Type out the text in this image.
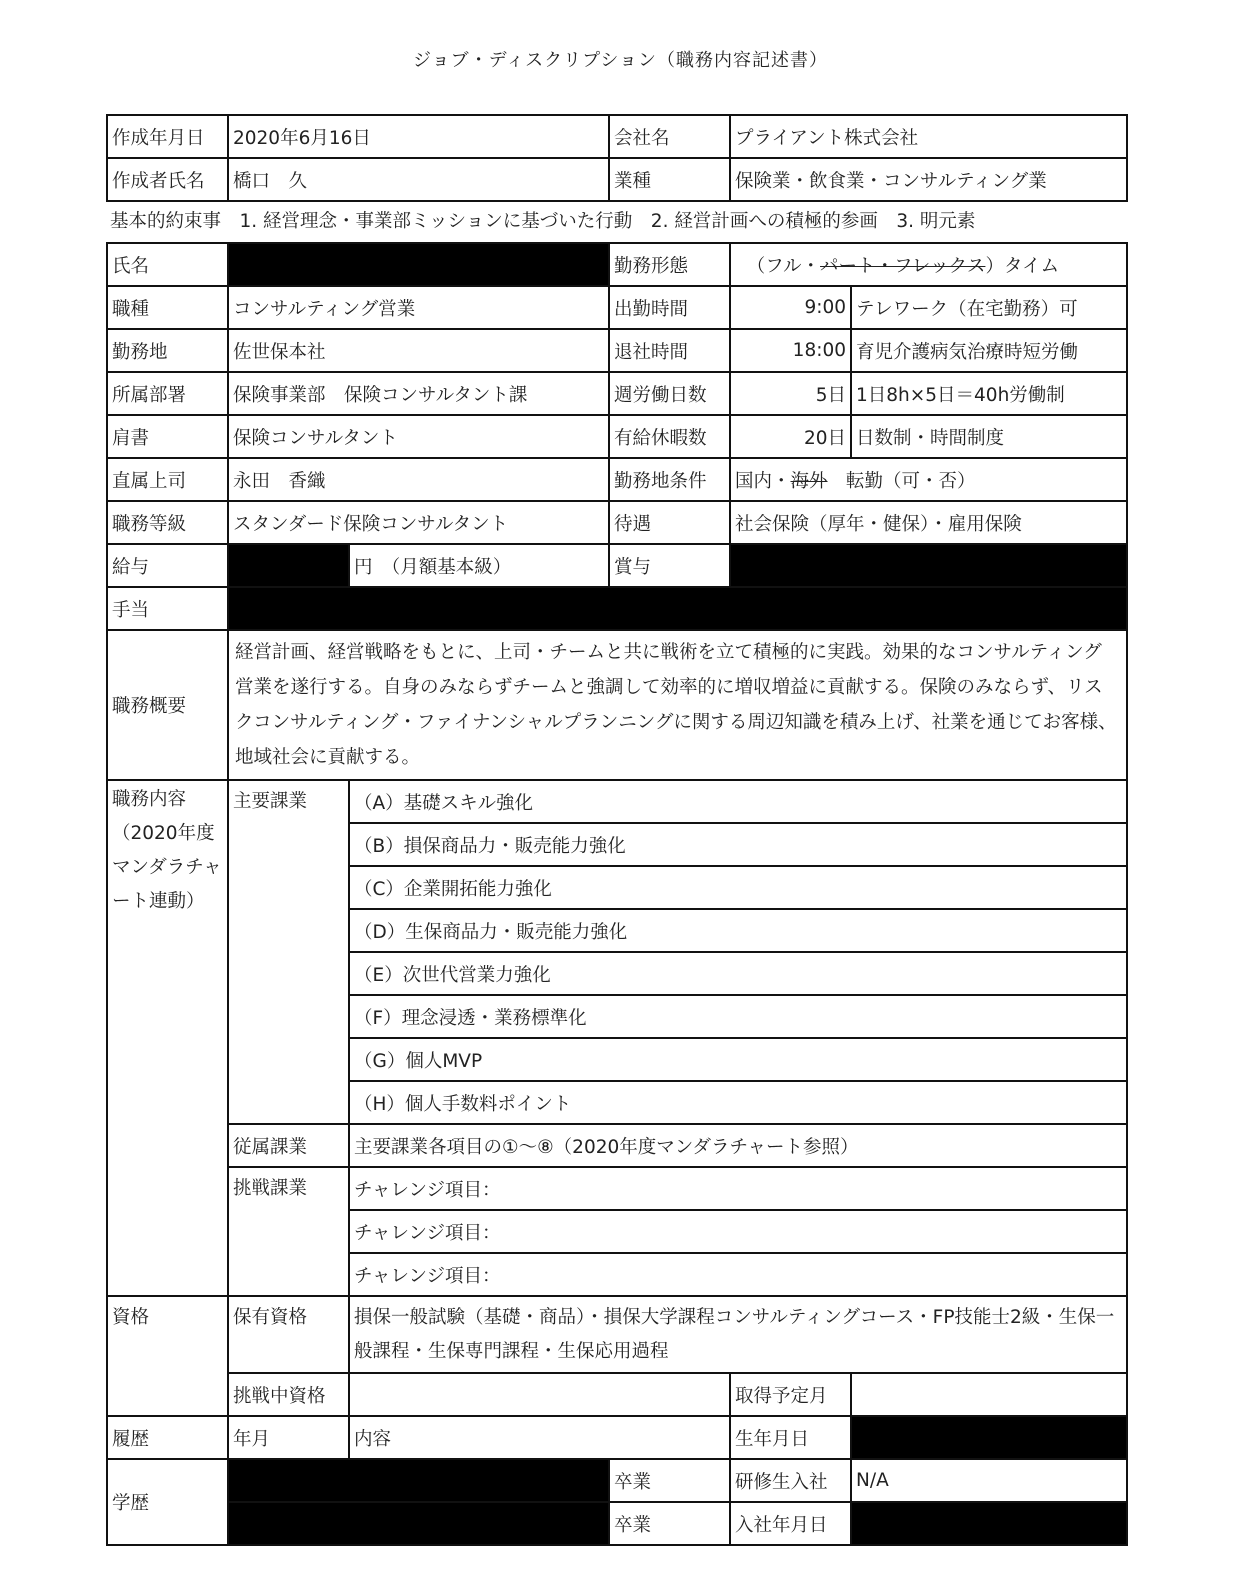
ジョブ・ディスクリプション（職務内容記述書）
作成年月日	2020年6月16日	会社名	プライアント株式会社
作成者氏名	橋口　久	業種	保険業・飲食業・コンサルティング業
基本的約束事　1. 経営理念・事業部ミッションに基づいた行動　2. 経営計画への積極的参画　3. 明元素
氏名			勤務形態	（フル・パート・フレックス）タイム	
職種	コンサルティング営業		出勤時間	9:00	テレワーク（在宅勤務）可
勤務地	佐世保本社		退社時間	18:00	育児介護病気治療時短労働
所属部署	保険事業部　保険コンサルタント課		週労働日数	5日	1日8h×5日＝40h労働制
肩書	保険コンサルタント		有給休暇数	20日	日数制・時間制度
直属上司	永田　香織		勤務地条件	国内・海外　転勤（可・否）	
職務等級	スタンダード保険コンサルタント		待遇	社会保険（厚年・健保）・雇用保険	
給与		円　（月額基本級）	賞与		
手当					
職務概要	経営計画、経営戦略をもとに、上司・チームと共に戦術を立て積極的に実践。効果的なコンサルティング営業を遂行する。自身のみならずチームと強調して効率的に増収増益に貢献する。保険のみならず、リスクコンサルティング・ファイナンシャルプランニングに関する周辺知識を積み上げ、社業を通じてお客様、地域社会に貢献する。				
職務内容（2020年度マンダラチャート連動）	主要課業	（A）基礎スキル強化			
		（B）損保商品力・販売能力強化			
		（C）企業開拓能力強化			
		（D）生保商品力・販売能力強化			
		（E）次世代営業力強化			
		（F）理念浸透・業務標準化			
		（G）個人MVP			
		（H）個人手数料ポイント			
	従属課業	主要課業各項目の①～⑧（2020年度マンダラチャート参照）			
	挑戦課業	チャレンジ項目：			
		チャレンジ項目：			
		チャレンジ項目：			
資格	保有資格	損保一般試験（基礎・商品）・損保大学課程コンサルティングコース・FP技能士2級・生保一般課程・生保専門課程・生保応用過程			
	挑戦中資格			取得予定月	
履歴	年月	内容		生年月日	
学歴			卒業	研修生入社	N/A
			卒業	入社年月日	
